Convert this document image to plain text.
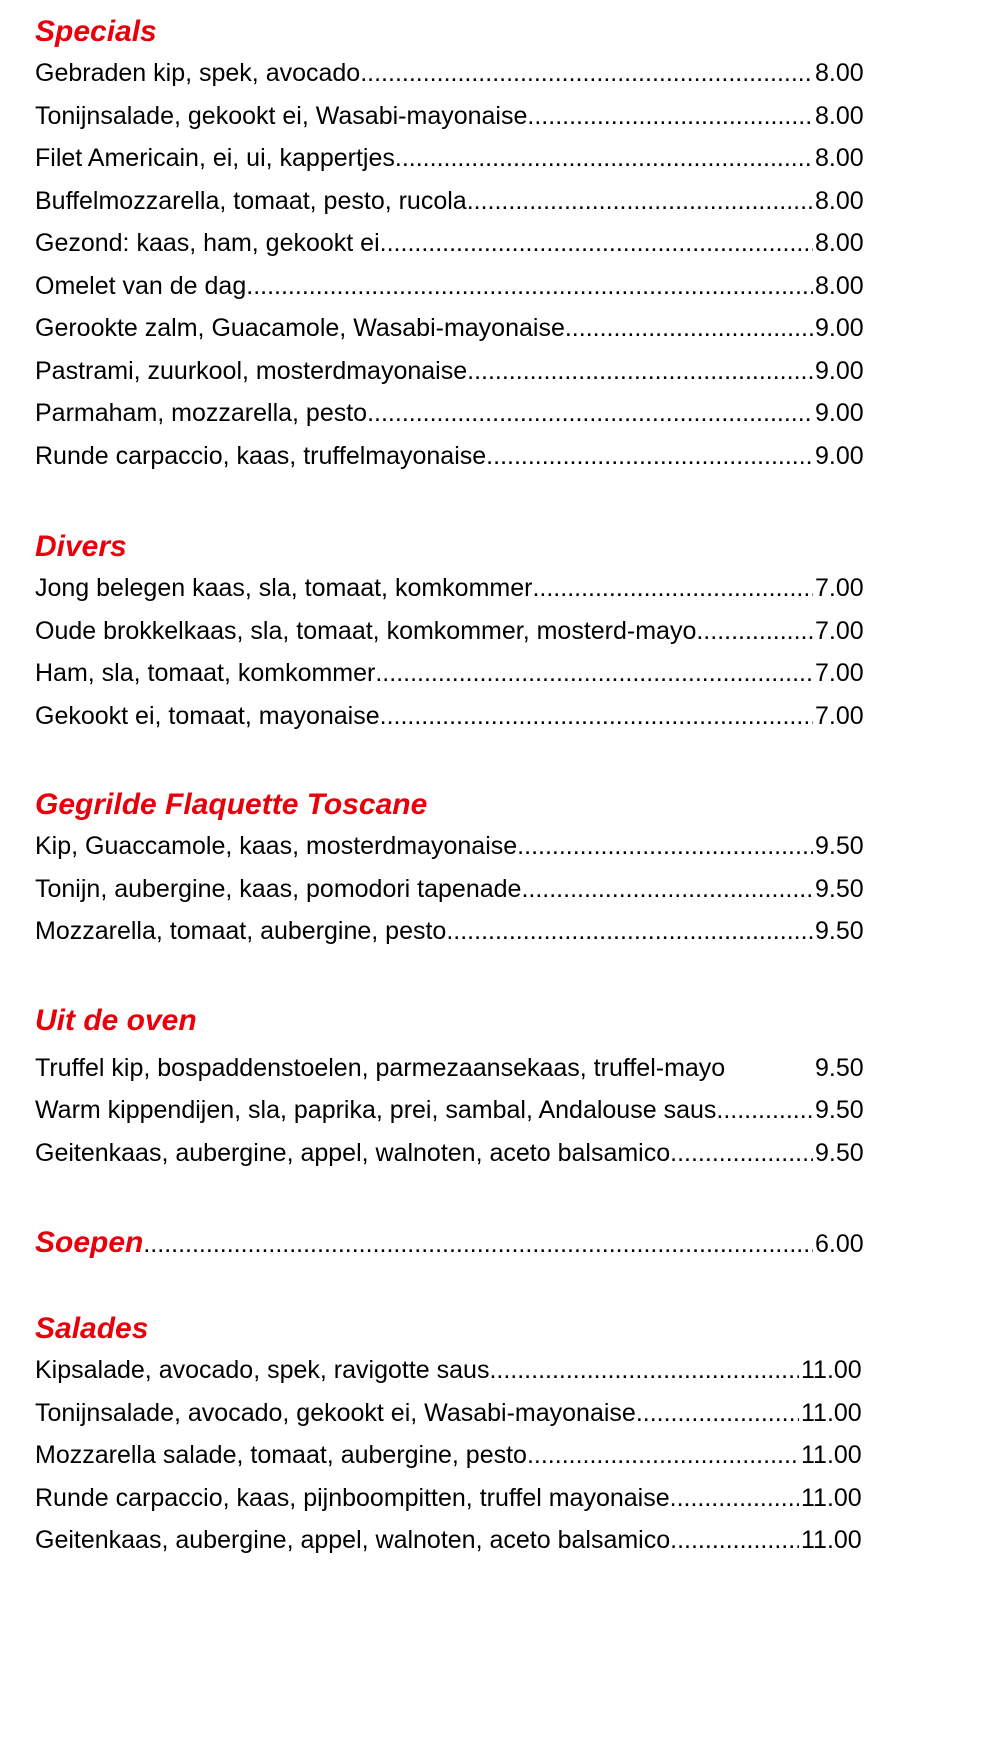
Specials
Gebraden kip, spek, avocado .....	8.00
Tonijnsalade, gekookt ei, Wasabi-mayonaise .....	8.00
Filet Americain, ei, ui, kappertjes .....	8.00
Buffelmozzarella, tomaat, pesto, rucola .....	8.00
Gezond: kaas, ham, gekookt ei .....	8.00
Omelet van de dag .....	8.00
Gerookte zalm, Guacamole, Wasabi-mayonaise .....	9.00
Pastrami, zuurkool, mosterdmayonaise .....	9.00
Parmaham, mozzarella, pesto .....	9.00
Runde carpaccio, kaas, truffelmayonaise .....	9.00
Divers
Jong belegen kaas, sla, tomaat, komkommer .....	7.00
Oude brokkelkaas, sla, tomaat, komkommer, mosterd-mayo .....	7.00
Ham, sla, tomaat, komkommer .....	7.00
Gekookt ei, tomaat, mayonaise .....	7.00
Gegrilde Flaquette Toscane
Kip, Guaccamole, kaas, mosterdmayonaise .....	9.50
Tonijn, aubergine, kaas, pomodori tapenade .....	9.50
Mozzarella, tomaat, aubergine, pesto .....	9.50
Uit de oven
Truffel kip, bospaddenstoelen, parmezaansekaas, truffel-mayo	9.50
Warm kippendijen, sla, paprika, prei, sambal, Andalouse saus .....	9.50
Geitenkaas, aubergine, appel, walnoten, aceto balsamico .....	9.50
Soepen .....	6.00
Salades
Kipsalade, avocado, spek, ravigotte saus .....	11.00
Tonijnsalade, avocado, gekookt ei, Wasabi-mayonaise .....	11.00
Mozzarella salade, tomaat, aubergine, pesto .....	11.00
Runde carpaccio, kaas, pijnboompitten, truffel mayonaise .....	11.00
Geitenkaas, aubergine, appel, walnoten, aceto balsamico .....	11.00
